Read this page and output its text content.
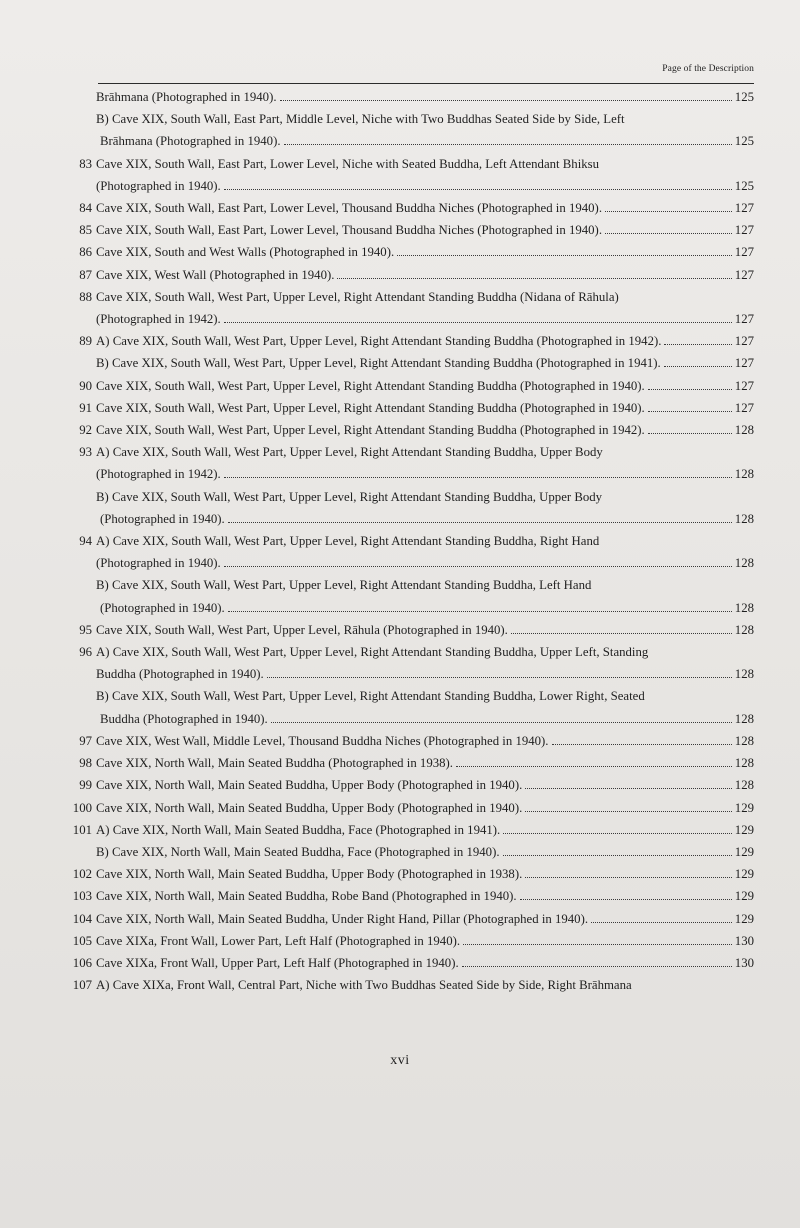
Page of the Description
Brāhmana (Photographed in 1940).	125
B) Cave XIX, South Wall, East Part, Middle Level, Niche with Two Buddhas Seated Side by Side, Left
Brāhmana (Photographed in 1940).	125
83 Cave XIX, South Wall, East Part, Lower Level, Niche with Seated Buddha, Left Attendant Bhiksu
(Photographed in 1940).	125
84 Cave XIX, South Wall, East Part, Lower Level, Thousand Buddha Niches (Photographed in 1940).	127
85 Cave XIX, South Wall, East Part, Lower Level, Thousand Buddha Niches (Photographed in 1940).	127
86 Cave XIX, South and West Walls (Photographed in 1940).	127
87 Cave XIX, West Wall (Photographed in 1940).	127
88 Cave XIX, South Wall, West Part, Upper Level, Right Attendant Standing Buddha (Nidana of Rāhula)
(Photographed in 1942).	127
89 A) Cave XIX, South Wall, West Part, Upper Level, Right Attendant Standing Buddha (Photographed in 1942).	127
B) Cave XIX, South Wall, West Part, Upper Level, Right Attendant Standing Buddha (Photographed in 1941).	127
90 Cave XIX, South Wall, West Part, Upper Level, Right Attendant Standing Buddha (Photographed in 1940).	127
91 Cave XIX, South Wall, West Part, Upper Level, Right Attendant Standing Buddha (Photographed in 1940).	127
92 Cave XIX, South Wall, West Part, Upper Level, Right Attendant Standing Buddha (Photographed in 1942).	128
93 A) Cave XIX, South Wall, West Part, Upper Level, Right Attendant Standing Buddha, Upper Body
(Photographed in 1942).	128
B) Cave XIX, South Wall, West Part, Upper Level, Right Attendant Standing Buddha, Upper Body
(Photographed in 1940).	128
94 A) Cave XIX, South Wall, West Part, Upper Level, Right Attendant Standing Buddha, Right Hand
(Photographed in 1940).	128
B) Cave XIX, South Wall, West Part, Upper Level, Right Attendant Standing Buddha, Left Hand
(Photographed in 1940).	128
95 Cave XIX, South Wall, West Part, Upper Level, Rāhula (Photographed in 1940).	128
96 A) Cave XIX, South Wall, West Part, Upper Level, Right Attendant Standing Buddha, Upper Left, Standing
Buddha (Photographed in 1940).	128
B) Cave XIX, South Wall, West Part, Upper Level, Right Attendant Standing Buddha, Lower Right, Seated
Buddha (Photographed in 1940).	128
97 Cave XIX, West Wall, Middle Level, Thousand Buddha Niches (Photographed in 1940).	128
98 Cave XIX, North Wall, Main Seated Buddha (Photographed in 1938).	128
99 Cave XIX, North Wall, Main Seated Buddha, Upper Body (Photographed in 1940).	128
100 Cave XIX, North Wall, Main Seated Buddha, Upper Body (Photographed in 1940).	129
101 A) Cave XIX, North Wall, Main Seated Buddha, Face (Photographed in 1941).	129
B) Cave XIX, North Wall, Main Seated Buddha, Face (Photographed in 1940).	129
102 Cave XIX, North Wall, Main Seated Buddha, Upper Body (Photographed in 1938).	129
103 Cave XIX, North Wall, Main Seated Buddha, Robe Band (Photographed in 1940).	129
104 Cave XIX, North Wall, Main Seated Buddha, Under Right Hand, Pillar (Photographed in 1940).	129
105 Cave XIXa, Front Wall, Lower Part, Left Half (Photographed in 1940).	130
106 Cave XIXa, Front Wall, Upper Part, Left Half (Photographed in 1940).	130
107 A) Cave XIXa, Front Wall, Central Part, Niche with Two Buddhas Seated Side by Side, Right Brāhmana
xvi
